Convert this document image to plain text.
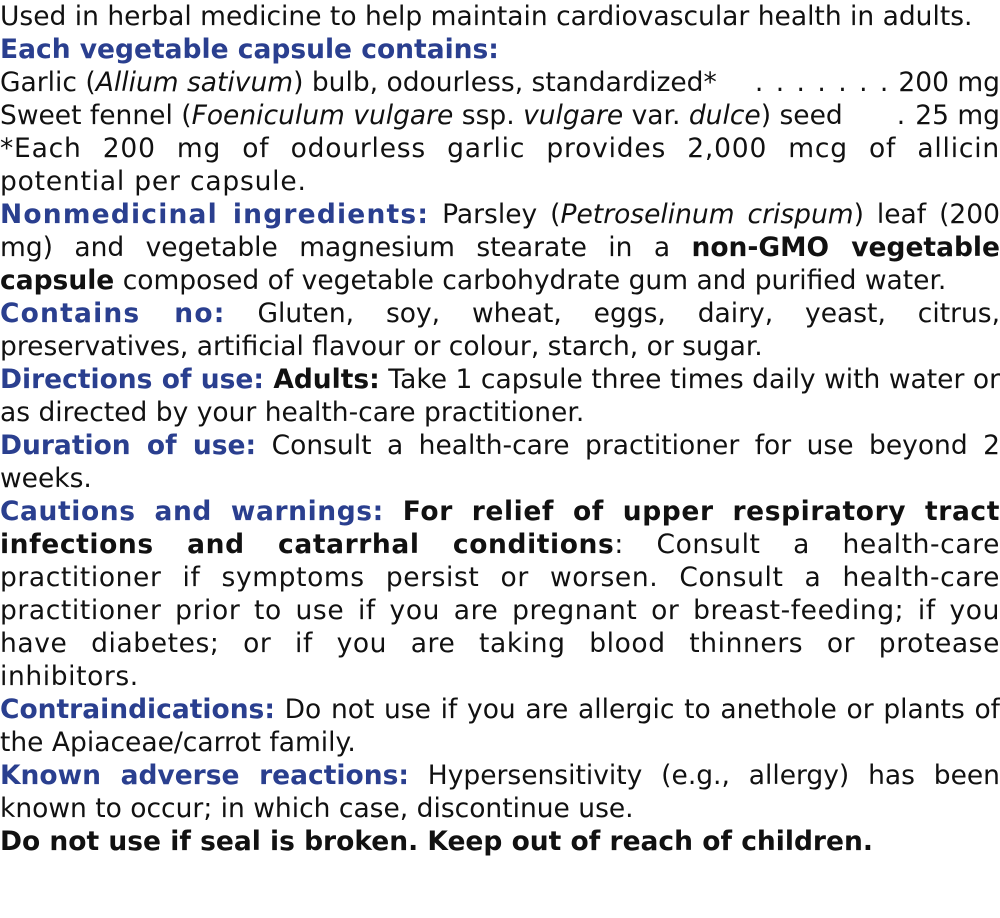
Used in herbal medicine to help maintain cardiovascular health in adults.

Each vegetable capsule contains:

Garlic (Allium sativum) bulb, odourless, standardized*	. . . . . . . 200 mg
Sweet fennel (Foeniculum vulgare ssp. vulgare var. dulce) seed	. 25 mg

*Each 200 mg of odourless garlic provides 2,000 mcg of allicin potential per capsule.

Nonmedicinal ingredients: Parsley (Petroselinum crispum) leaf (200 mg) and vegetable magnesium stearate in a non-GMO vegetable capsule composed of vegetable carbohydrate gum and purified water.

Contains no: Gluten, soy, wheat, eggs, dairy, yeast, citrus, preservatives, artificial flavour or colour, starch, or sugar.

Directions of use: Adults: Take 1 capsule three times daily with water or as directed by your health-care practitioner.

Duration of use: Consult a health-care practitioner for use beyond 2 weeks.

Cautions and warnings: For relief of upper respiratory tract infections and catarrhal conditions: Consult a health-care practitioner if symptoms persist or worsen. Consult a health-care practitioner prior to use if you are pregnant or breast-feeding; if you have diabetes; or if you are taking blood thinners or protease inhibitors.

Contraindications: Do not use if you are allergic to anethole or plants of the Apiaceae/carrot family.

Known adverse reactions: Hypersensitivity (e.g., allergy) has been known to occur; in which case, discontinue use.

Do not use if seal is broken. Keep out of reach of children.
